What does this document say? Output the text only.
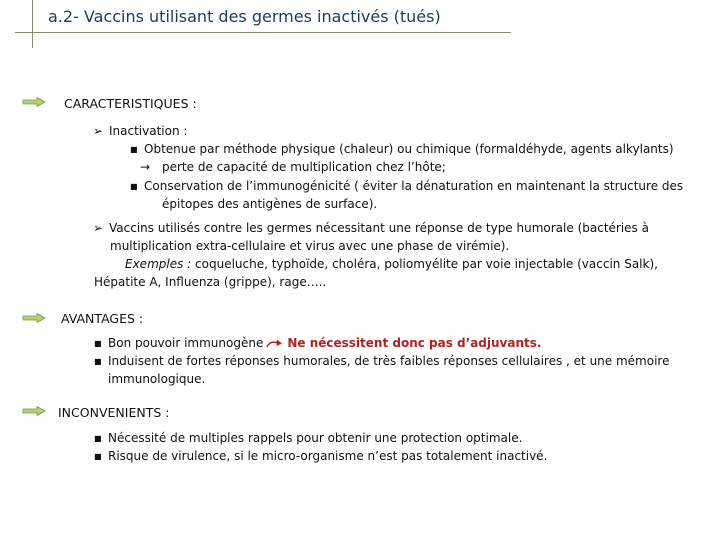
a.2- Vaccins utilisant des germes inactivés (tués)
CARACTERISTIQUES :
➢ Inactivation :
■ Obtenue par méthode physique (chaleur) ou chimique (formaldéhyde, agents alkylants)
→ perte de capacité de multiplication chez l’hôte;
■ Conservation de l’immunogénicité ( éviter la dénaturation en maintenant la structure des
épitopes des antigènes de surface).
➢ Vaccins utilisés contre les germes nécessitant une réponse de type humorale (bactéries à
multiplication extra-cellulaire et virus avec une phase de virémie).
Exemples : coqueluche, typhoïde, choléra, poliomyélite par voie injectable (vaccin Salk),
Hépatite A, Influenza (grippe), rage…..
AVANTAGES :
■ Bon pouvoir immunogène Ne nécessitent donc pas d’adjuvants.
■ Induisent de fortes réponses humorales, de très faibles réponses cellulaires , et une mémoire
immunologique.
INCONVENIENTS :
■ Nécessité de multiples rappels pour obtenir une protection optimale.
■ Risque de virulence, si le micro-organisme n’est pas totalement inactivé.
